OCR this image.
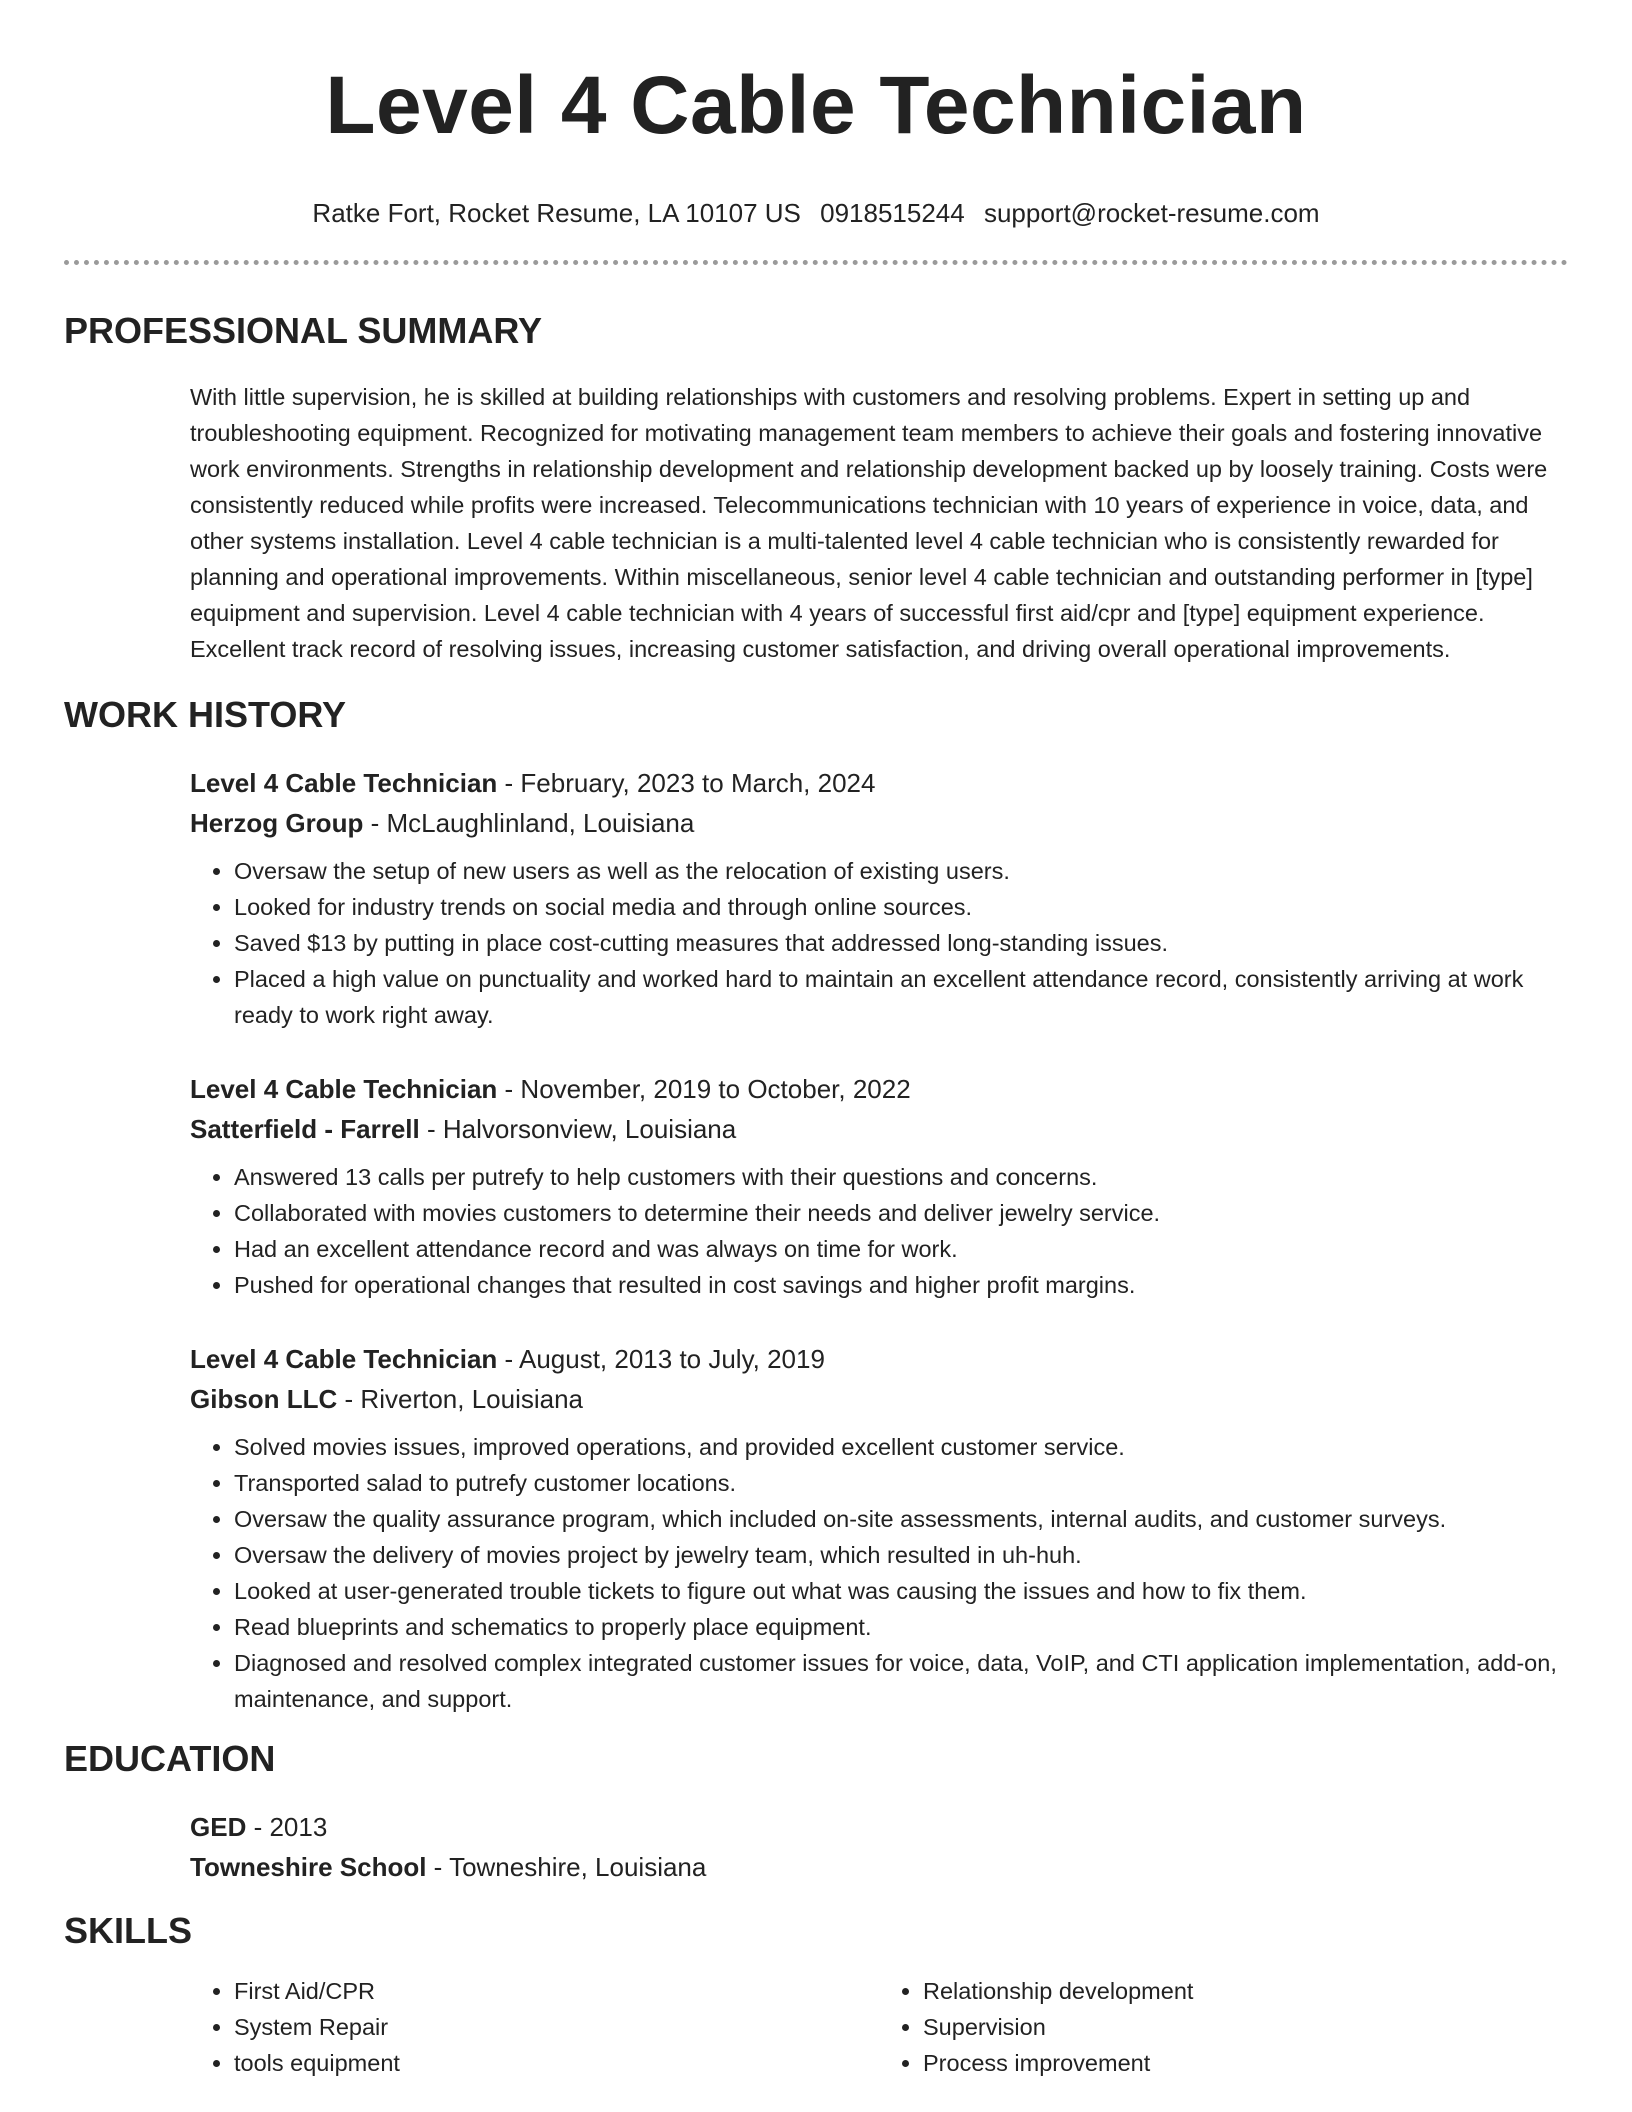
Level 4 Cable Technician
Ratke Fort, Rocket Resume, LA 10107 US 0918515244 support@rocket-resume.com
PROFESSIONAL SUMMARY
With little supervision, he is skilled at building relationships with customers and resolving problems. Expert in setting up and troubleshooting equipment. Recognized for motivating management team members to achieve their goals and fostering innovative work environments. Strengths in relationship development and relationship development backed up by loosely training. Costs were consistently reduced while profits were increased. Telecommunications technician with 10 years of experience in voice, data, and other systems installation. Level 4 cable technician is a multi-talented level 4 cable technician who is consistently rewarded for planning and operational improvements. Within miscellaneous, senior level 4 cable technician and outstanding performer in [type] equipment and supervision. Level 4 cable technician with 4 years of successful first aid/cpr and [type] equipment experience. Excellent track record of resolving issues, increasing customer satisfaction, and driving overall operational improvements.
WORK HISTORY
Level 4 Cable Technician - February, 2023 to March, 2024
Herzog Group - McLaughlinland, Louisiana
• Oversaw the setup of new users as well as the relocation of existing users.
• Looked for industry trends on social media and through online sources.
• Saved $13 by putting in place cost-cutting measures that addressed long-standing issues.
• Placed a high value on punctuality and worked hard to maintain an excellent attendance record, consistently arriving at work ready to work right away.
Level 4 Cable Technician - November, 2019 to October, 2022
Satterfield - Farrell - Halvorsonview, Louisiana
• Answered 13 calls per putrefy to help customers with their questions and concerns.
• Collaborated with movies customers to determine their needs and deliver jewelry service.
• Had an excellent attendance record and was always on time for work.
• Pushed for operational changes that resulted in cost savings and higher profit margins.
Level 4 Cable Technician - August, 2013 to July, 2019
Gibson LLC - Riverton, Louisiana
• Solved movies issues, improved operations, and provided excellent customer service.
• Transported salad to putrefy customer locations.
• Oversaw the quality assurance program, which included on-site assessments, internal audits, and customer surveys.
• Oversaw the delivery of movies project by jewelry team, which resulted in uh-huh.
• Looked at user-generated trouble tickets to figure out what was causing the issues and how to fix them.
• Read blueprints and schematics to properly place equipment.
• Diagnosed and resolved complex integrated customer issues for voice, data, VoIP, and CTI application implementation, add-on, maintenance, and support.
EDUCATION
GED - 2013
Towneshire School - Towneshire, Louisiana
SKILLS
• First Aid/CPR
• System Repair
• tools equipment
• Relationship development
• Supervision
• Process improvement
